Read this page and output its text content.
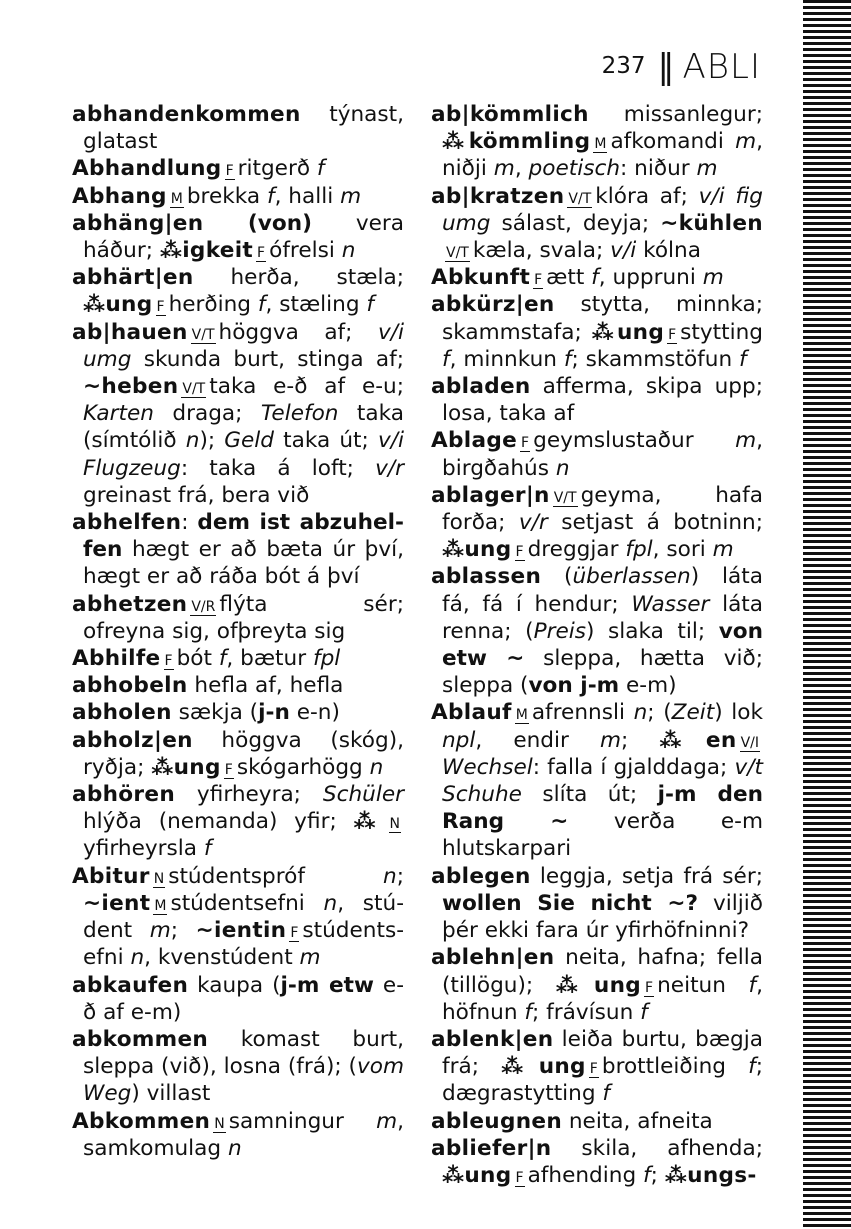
237 ‖ ABLI

abhandenkommen týnast, glatast

Abhandlung F ritgerð f

Abhang M brekka f, halli m

abhäng|en (von) vera háður; ⁂igkeit F ófrelsi n

abhärt|en herða, stæla; ⁂ung F herðing f, stæling f

ab|hauen V/T höggva af; v/i umg skunda burt, stinga af; ~heben V/T taka e-ð af e-u; Karten draga; Telefon taka (símtólið n); Geld taka út; v/i Flugzeug: taka á loft; v/r greinast frá, bera við

abhelfen: dem ist abzuhelfen hægt er að bæta úr því, hægt er að ráða bót á því

abhetzen V/R flýta sér; ofreyna sig, ofþreyta sig

Abhilfe F bót f, bætur fpl

abhobeln hefla af, hefla

abholen sækja (j-n e-n)

abholz|en höggva (skóg), ryðja; ⁂ung F skógarhögg n

abhören yfirheyra; Schüler hlýða (nemanda) yfir; ⁂ Nyfirheyrsla f

Abitur N stúdentspróf n; ~ient M stúdentsefni n, stúdent m; ~ientin F stúdentsefni n, kvenstúdent m

abkaufen kaupa (j-m etw e-ð af e-m)

abkommen komast burt, sleppa (við), losna (frá); (vom Weg) villast

Abkommen N samningur m, samkomulag n

ab|kömmlich missanlegur; ⁂kömmling M afkomandi m, niðji m, poetisch: niður m

ab|kratzen V/T klóra af; v/i fig umg sálast, deyja; ~kühlenV/T kæla, svala; v/i kólna

Abkunft F ætt f, uppruni m

abkürz|en stytta, minnka; skammstafa; ⁂ung F stytting f, minnkun f; skammstöfun f

abladen afferma, skipa upp; losa, taka af

Ablage F geymslustaður m, birgðahús n

ablager|n V/T geyma, hafa forða; v/r setjast á botninn; ⁂ung F dreggjar fpl, sori m

ablassen (überlassen) láta fá, fá í hendur; Wasser láta renna; (Preis) slaka til; von etw ~ sleppa, hætta við; sleppa (von j-m e-m)

Ablauf M afrennsli n; (Zeit) lok npl, endir m; ⁂en V/IWechsel: falla í gjalddaga; v/t Schuhe slíta út; j-m den Rang ~ verða e-m hlutskarpari

ablegen leggja, setja frá sér; wollen Sie nicht ~? viljið þér ekki fara úr yfirhöfninni?

ablehn|en neita, hafna; fella (tillögu); ⁂ung F neitun f, höfnun f; frávísun f

ablenk|en leiða burtu, bægja frá; ⁂ung F brottleiðing f; dægrastytting f

ableugnen neita, afneita

abliefer|n skila, afhenda; ⁂ung F afhending f; ⁂ungs-
